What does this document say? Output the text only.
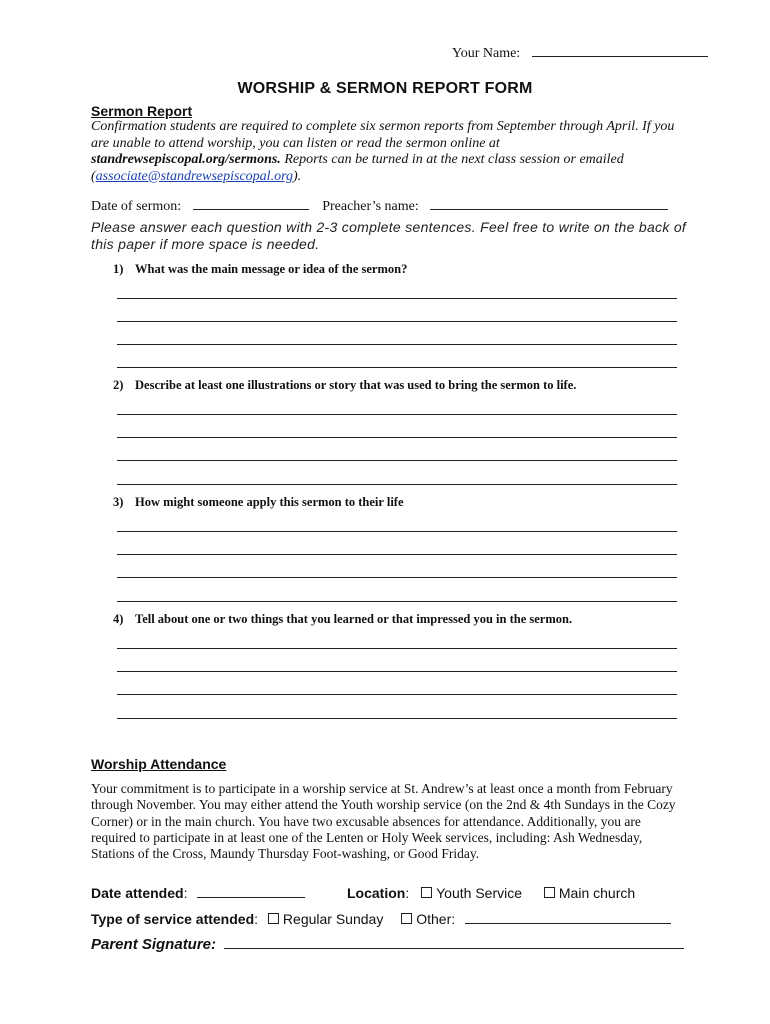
Your Name:
WORSHIP & SERMON REPORT FORM
Sermon Report
Confirmation students are required to complete six sermon reports from September through April. If you are unable to attend worship, you can listen or read the sermon online at standrewsepiscopal.org/sermons. Reports can be turned in at the next class session or emailed (associate@standrewsepiscopal.org).
Date of sermon:	Preacher’s name:
Please answer each question with 2-3 complete sentences. Feel free to write on the back of this paper if more space is needed.
1) What was the main message or idea of the sermon?
2) Describe at least one illustrations or story that was used to bring the sermon to life.
3) How might someone apply this sermon to their life
4) Tell about one or two things that you learned or that impressed you in the sermon.
Worship Attendance
Your commitment is to participate in a worship service at St. Andrew’s at least once a month from February through November. You may either attend the Youth worship service (on the 2nd & 4th Sundays in the Cozy Corner) or in the main church. You have two excusable absences for attendance. Additionally, you are required to participate in at least one of the Lenten or Holy Week services, including: Ash Wednesday, Stations of the Cross, Maundy Thursday Foot-washing, or Good Friday.
Date attended:	Location: Youth Service	Main church
Type of service attended: Regular Sunday Other:
Parent Signature:
